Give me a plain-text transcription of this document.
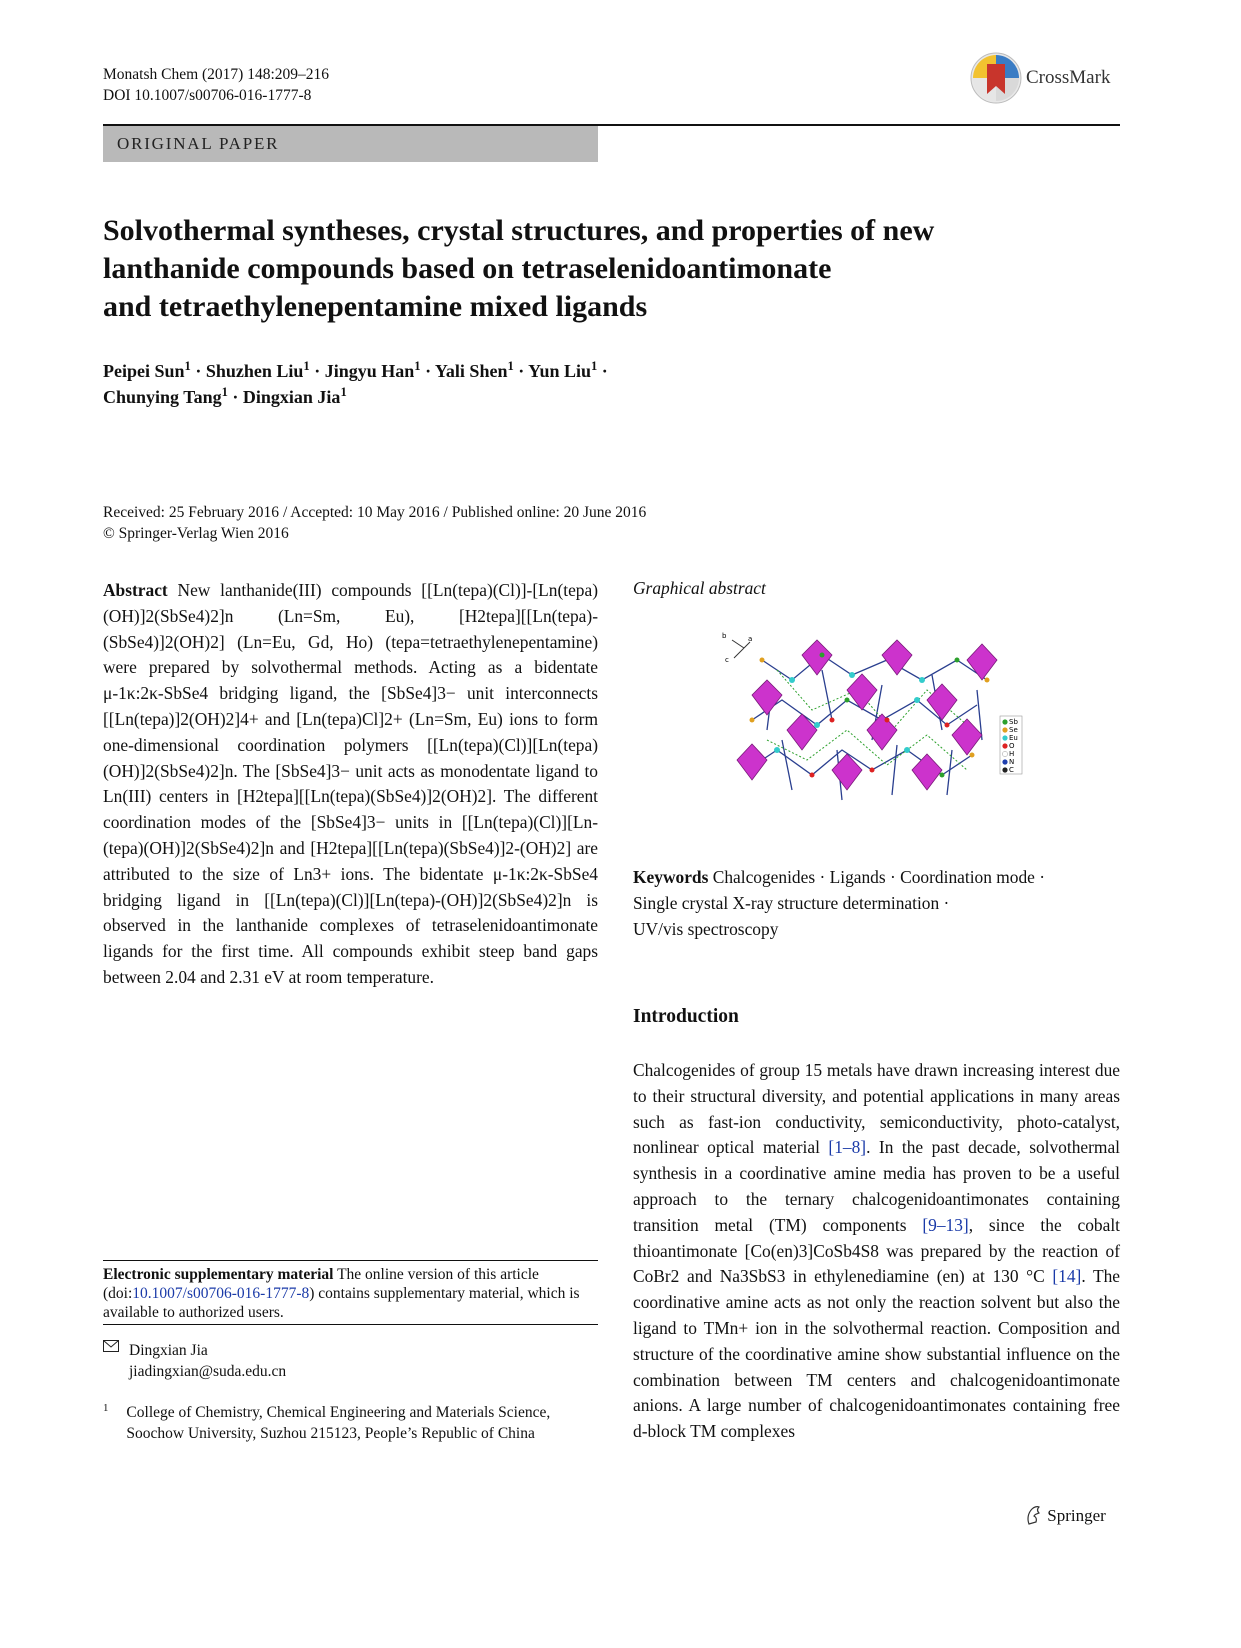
Monatsh Chem (2017) 148:209–216
DOI 10.1007/s00706-016-1777-8
CrossMark
ORIGINAL PAPER
Solvothermal syntheses, crystal structures, and properties of new
lanthanide compounds based on tetraselenidoantimonate
and tetraethylenepentamine mixed ligands
Peipei Sun$^1$ · Shuzhen Liu$^1$ · Jingyu Han$^1$ · Yali Shen$^1$ · Yun Liu$^1$ ·
Chunying Tang$^1$ · Dingxian Jia$^1$
Received: 25 February 2016 / Accepted: 10 May 2016 / Published online: 20 June 2016
© Springer-Verlag Wien 2016
Abstract New lanthanide(III) compounds [[Ln(tepa)(Cl)]-[Ln(tepa)(OH)]2(SbSe4)2]n (Ln=Sm, Eu), [H2tepa][[Ln(tepa)-(SbSe4)]2(OH)2] (Ln=Eu, Gd, Ho) (tepa=tetraethylenepentamine) were prepared by solvothermal methods. Acting as a bidentate μ-1κ:2κ-SbSe4 bridging ligand, the [SbSe4]3− unit interconnects [[Ln(tepa)]2(OH)2]4+ and [Ln(tepa)Cl]2+ (Ln=Sm, Eu) ions to form one-dimensional coordination polymers [[Ln(tepa)(Cl)][Ln(tepa)(OH)]2(SbSe4)2]n. The [SbSe4]3− unit acts as monodentate ligand to Ln(III) centers in [H2tepa][[Ln(tepa)(SbSe4)]2(OH)2]. The different coordination modes of the [SbSe4]3− units in [[Ln(tepa)(Cl)][Ln-(tepa)(OH)]2(SbSe4)2]n and [H2tepa][[Ln(tepa)(SbSe4)]2-(OH)2] are attributed to the size of Ln3+ ions. The bidentate μ-1κ:2κ-SbSe4 bridging ligand in [[Ln(tepa)(Cl)][Ln(tepa)-(OH)]2(SbSe4)2]n is observed in the lanthanide complexes of tetraselenidoantimonate ligands for the first time. All compounds exhibit steep band gaps between 2.04 and 2.31 eV at room temperature.
Graphical abstract
b	a
c
Sb
Se
Eu
O
H
N
C
Keywords Chalcogenides · Ligands · Coordination mode ·
Single crystal X-ray structure determination ·
UV/vis spectroscopy
Introduction
Chalcogenides of group 15 metals have drawn increasing interest due to their structural diversity, and potential applications in many areas such as fast-ion conductivity, semiconductivity, photo-catalyst, nonlinear optical material [1–8]. In the past decade, solvothermal synthesis in a coordinative amine media has proven to be a useful approach to the ternary chalcogenidoantimonates containing transition metal (TM) components [9–13], since the cobalt thioantimonate [Co(en)3]CoSb4S8 was prepared by the reaction of CoBr2 and Na3SbS3 in ethylenediamine (en) at 130 °C [14]. The coordinative amine acts as not only the reaction solvent but also the ligand to TMn+ ion in the solvothermal reaction. Composition and structure of the coordinative amine show substantial influence on the combination between TM centers and chalcogenidoantimonate anions. A large number of chalcogenidoantimonates containing free d-block TM complexes
Electronic supplementary material The online version of this article (doi:10.1007/s00706-016-1777-8) contains supplementary material, which is available to authorized users.
Dingxian Jia
jiadingxian@suda.edu.cn
1 College of Chemistry, Chemical Engineering and Materials Science, Soochow University, Suzhou 215123, People’s Republic of China
Springer
